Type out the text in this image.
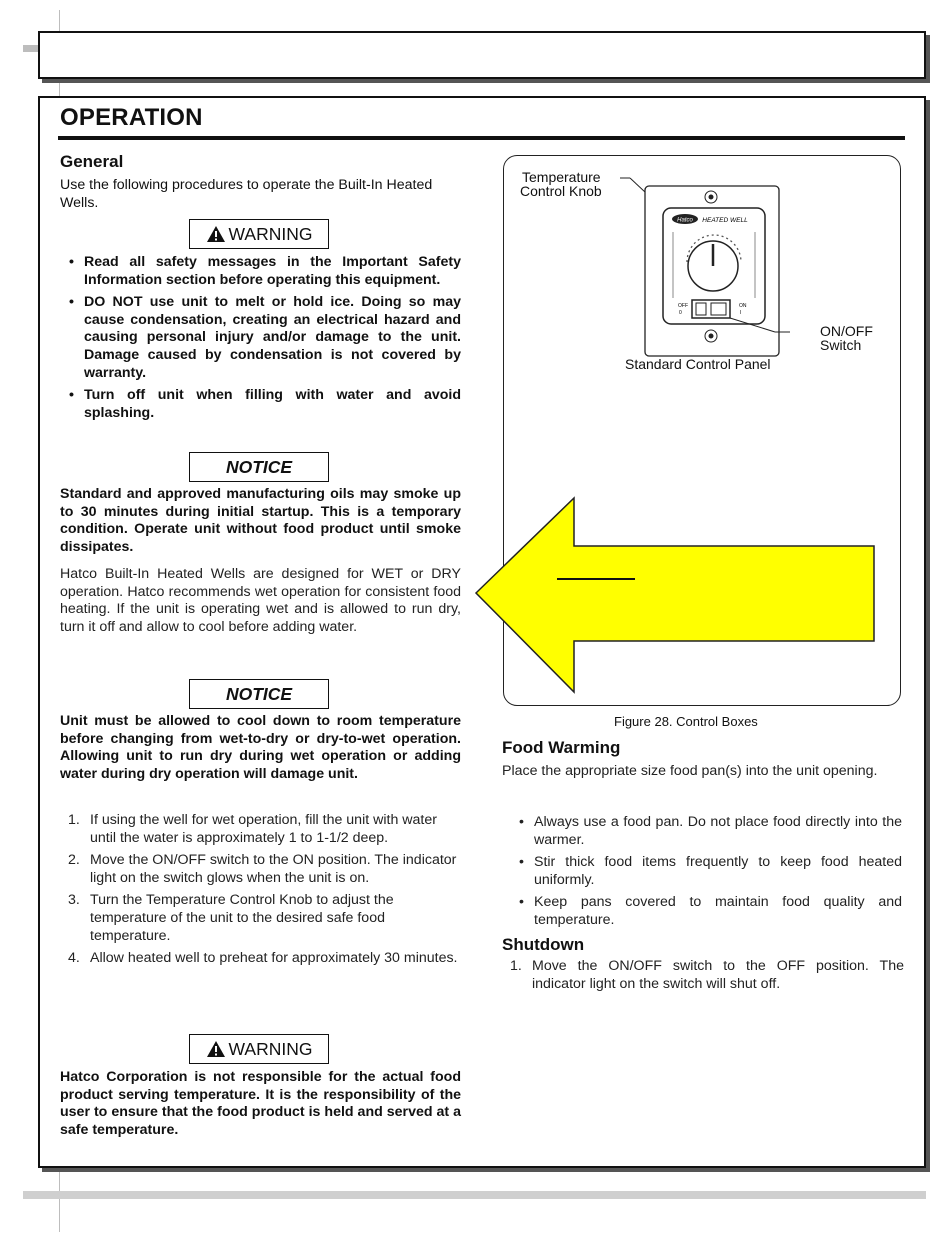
OPERATION
General
Use the following procedures to operate the Built-In Heated Wells.
WARNING
• Read all safety messages in the Important Safety Information section before operating this equipment.
• DO NOT use unit to melt or hold ice. Doing so may cause condensation, creating an electrical hazard and causing personal injury and/or damage to the unit. Damage caused by condensation is not covered by warranty.
• Turn off unit when filling with water and avoid splashing.
NOTICE
Standard and approved manufacturing oils may smoke up to 30 minutes during initial startup. This is a temporary condition. Operate unit without food product until smoke dissipates.
Hatco Built-In Heated Wells are designed for WET or DRY operation. Hatco recommends wet operation for consistent food heating. If the unit is operating wet and is allowed to run dry, turn it off and allow to cool before adding water.
NOTICE
Unit must be allowed to cool down to room temperature before changing from wet-to-dry or dry-to-wet operation. Allowing unit to run dry during wet operation or adding water during dry operation will damage unit.
1. If using the well for wet operation, fill the unit with water until the water is approximately 1 to 1-1/2 deep.
2. Move the ON/OFF switch to the ON position. The indicator light on the switch glows when the unit is on.
3. Turn the Temperature Control Knob to adjust the temperature of the unit to the desired safe food temperature.
4. Allow heated well to preheat for approximately 30 minutes.
WARNING
Hatco Corporation is not responsible for the actual food product serving temperature. It is the responsibility of the user to ensure that the food product is held and served at a safe temperature.
Temperature
Control Knob
Hatco HEATED WELL
OFF
0
ON
I
ON/OFF
Switch
Standard Control Panel
Figure 28. Control Boxes
Food Warming
Place the appropriate size food pan(s) into the unit opening.
• Always use a food pan. Do not place food directly into the warmer.
• Stir thick food items frequently to keep food heated uniformly.
• Keep pans covered to maintain food quality and temperature.
Shutdown
1. Move the ON/OFF switch to the OFF position. The indicator light on the switch will shut off.
